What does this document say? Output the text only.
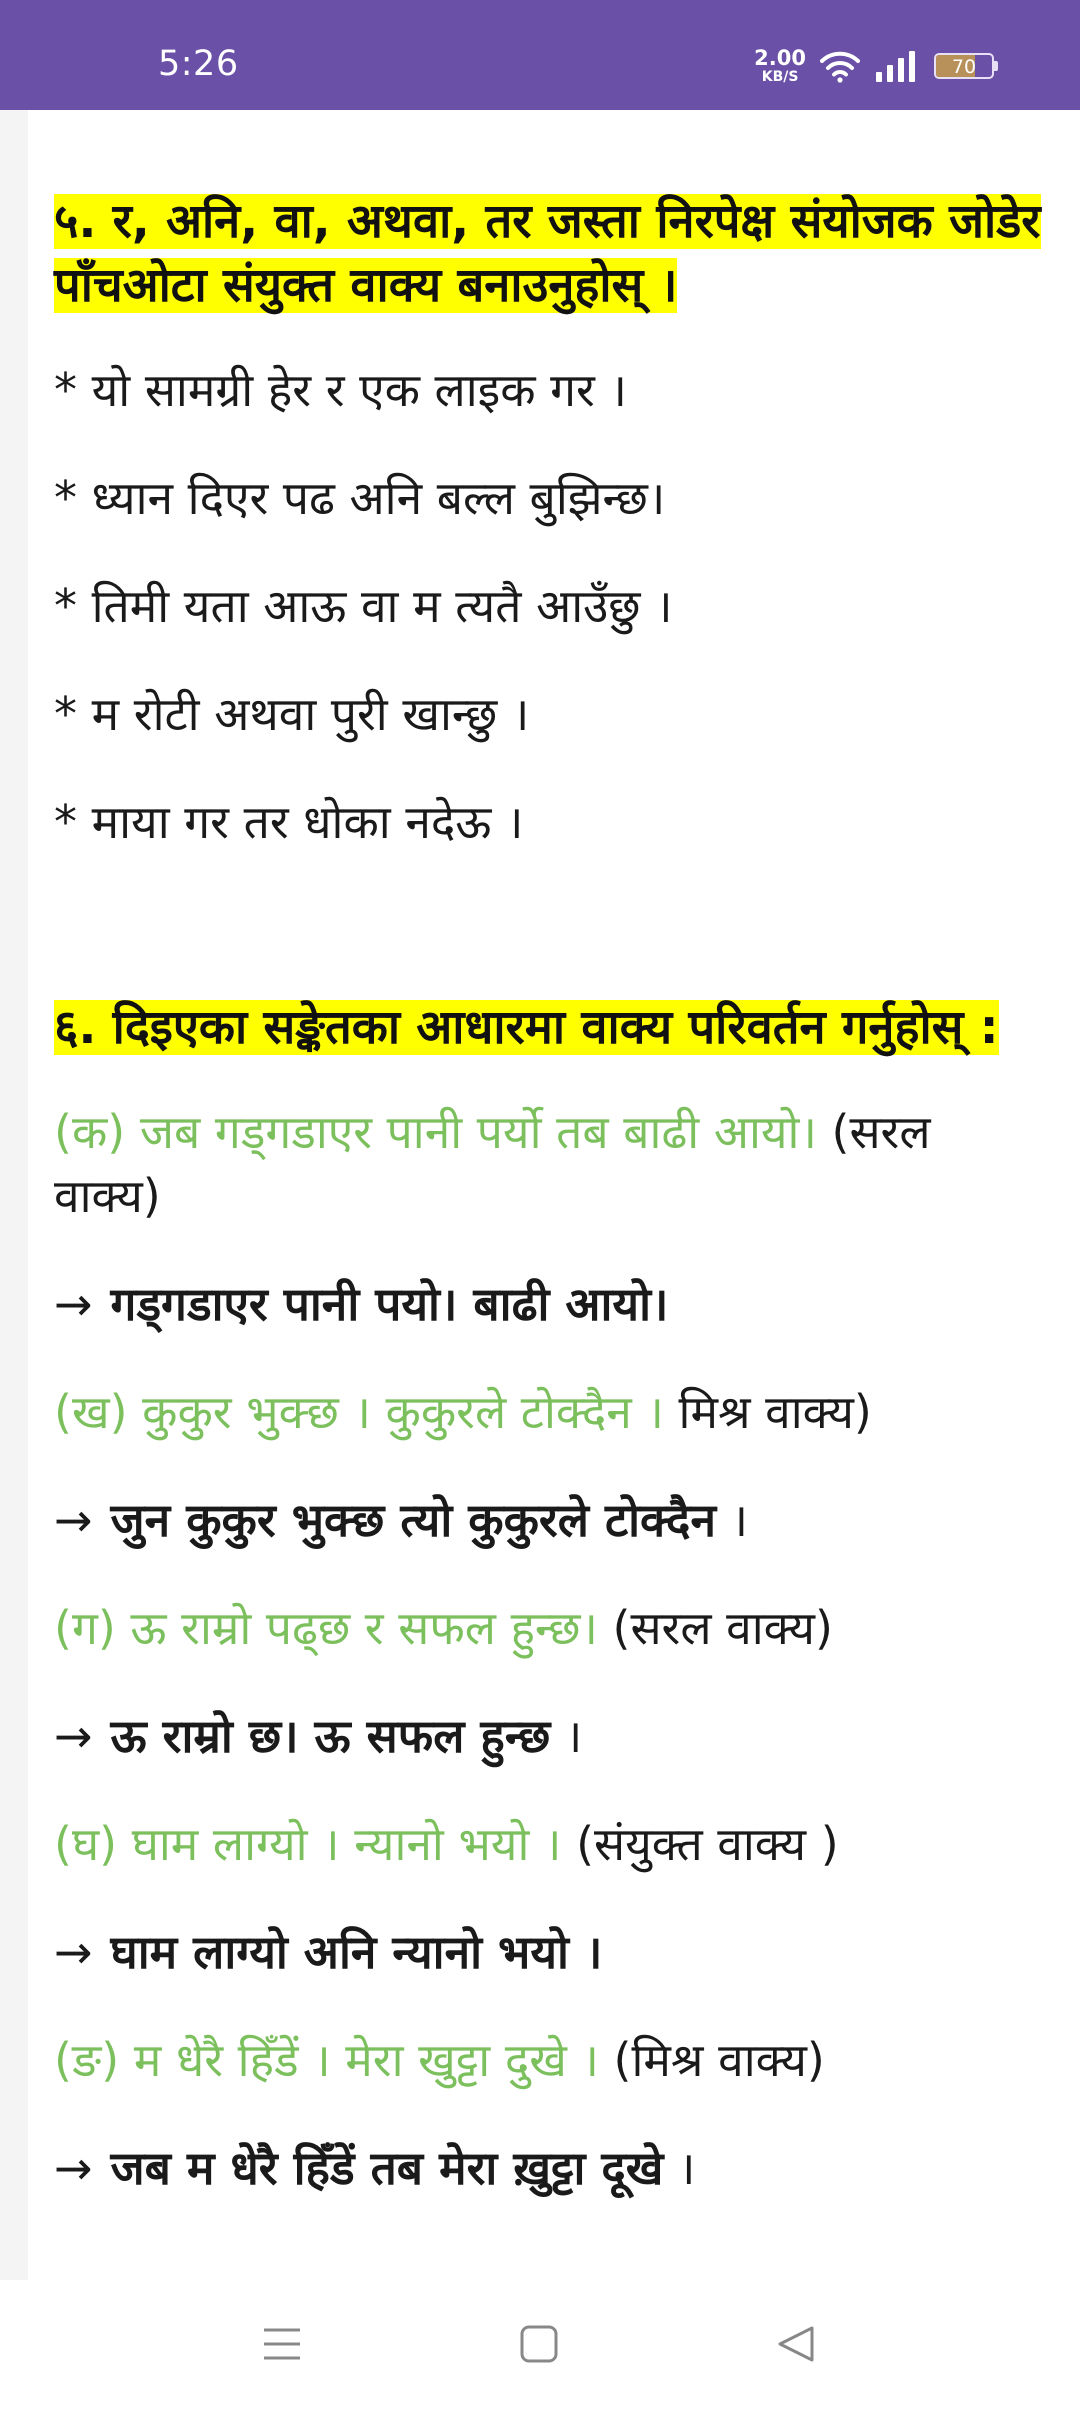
5:26	2.00
KB/S	70

५. र, अनि, वा, अथवा, तर जस्ता निरपेक्ष संयोजक जोडेर पाँचओटा संयुक्त वाक्य बनाउनुहोस् ।

* यो सामग्री हेर र एक लाइक गर ।

* ध्यान दिएर पढ अनि बल्ल बुझिन्छ।

* तिमी यता आऊ वा म त्यतै आउँछु ।

* म रोटी अथवा पुरी खान्छु ।

* माया गर तर धोका नदेऊ ।

६. दिइएका सङ्केतका आधारमा वाक्य परिवर्तन गर्नुहोस् :

(क) जब गड्गडाएर पानी पर्यो तब बाढी आयो। (सरल वाक्य)

→ गड्गडाएर पानी पयो। बाढी आयो।

(ख) कुकुर भुक्छ । कुकुरले टोक्दैन । मिश्र वाक्य)

→ जुन कुकुर भुक्छ त्यो कुकुरले टोक्दैन ।

(ग) ऊ राम्रो पढ्छ र सफल हुन्छ। (सरल वाक्य)

→ ऊ राम्रो छ। ऊ सफल हुन्छ ।

(घ) घाम लाग्यो । न्यानो भयो । (संयुक्त वाक्य )

→ घाम लाग्यो अनि न्यानो भयो ।

(ङ) म धेरै हिँडें । मेरा खुट्टा दुखे । (मिश्र वाक्य)

→ जब म धेरै हिँडें तब मेरा ख़ुट्टा दूखे ।
